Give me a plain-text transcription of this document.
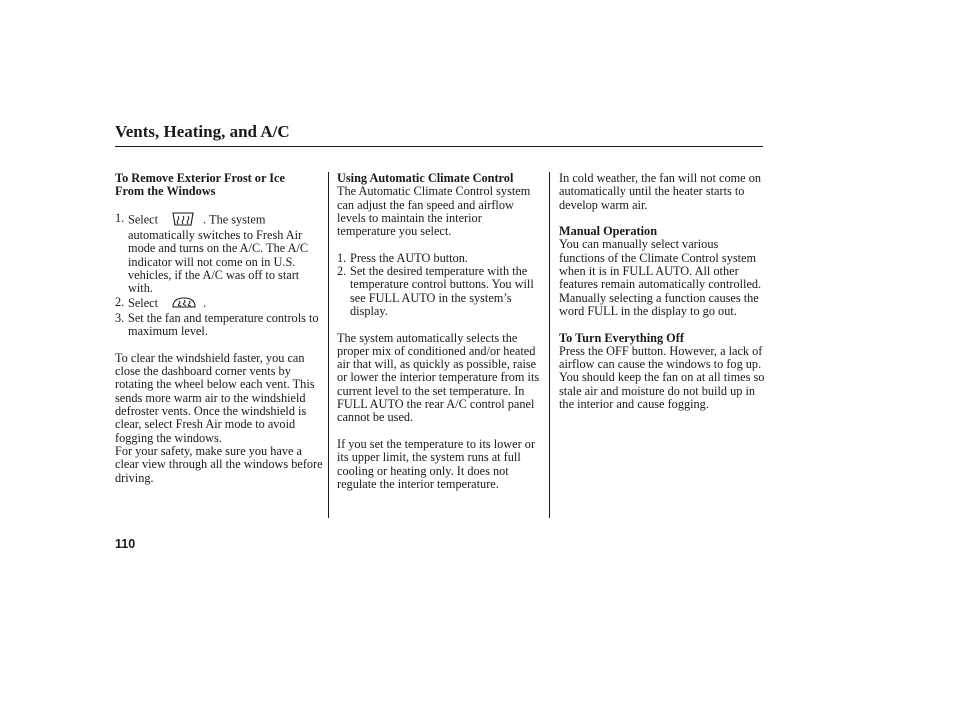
Vents, Heating, and A/C

To Remove Exterior Frost or Ice
From the Windows

1. Select	. The system automatically switches to Fresh Air mode and turns on the A/C. The A/C indicator will not come on in U.S. vehicles, if the A/C was off to start with.
2. Select	.
3. Set the fan and temperature controls to maximum level.

To clear the windshield faster, you can close the dashboard corner vents by rotating the wheel below each vent. This sends more warm air to the windshield defroster vents. Once the windshield is clear, select Fresh Air mode to avoid fogging the windows.

For your safety, make sure you have a clear view through all the windows before driving.

Using Automatic Climate Control

The Automatic Climate Control system can adjust the fan speed and airflow levels to maintain the interior temperature you select.

1. Press the AUTO button.
2. Set the desired temperature with the temperature control buttons. You will see FULL AUTO in the system’s display.

The system automatically selects the proper mix of conditioned and/or heated air that will, as quickly as possible, raise or lower the interior temperature from its current level to the set temperature. In FULL AUTO the rear A/C control panel cannot be used.

If you set the temperature to its lower or its upper limit, the system runs at full cooling or heating only. It does not regulate the interior temperature.

In cold weather, the fan will not come on automatically until the heater starts to develop warm air.

Manual Operation

You can manually select various functions of the Climate Control system when it is in FULL AUTO. All other features remain automatically controlled.

Manually selecting a function causes the word FULL in the display to go out.

To Turn Everything Off

Press the OFF button. However, a lack of airflow can cause the windows to fog up. You should keep the fan on at all times so stale air and moisture do not build up in the interior and cause fogging.

110
